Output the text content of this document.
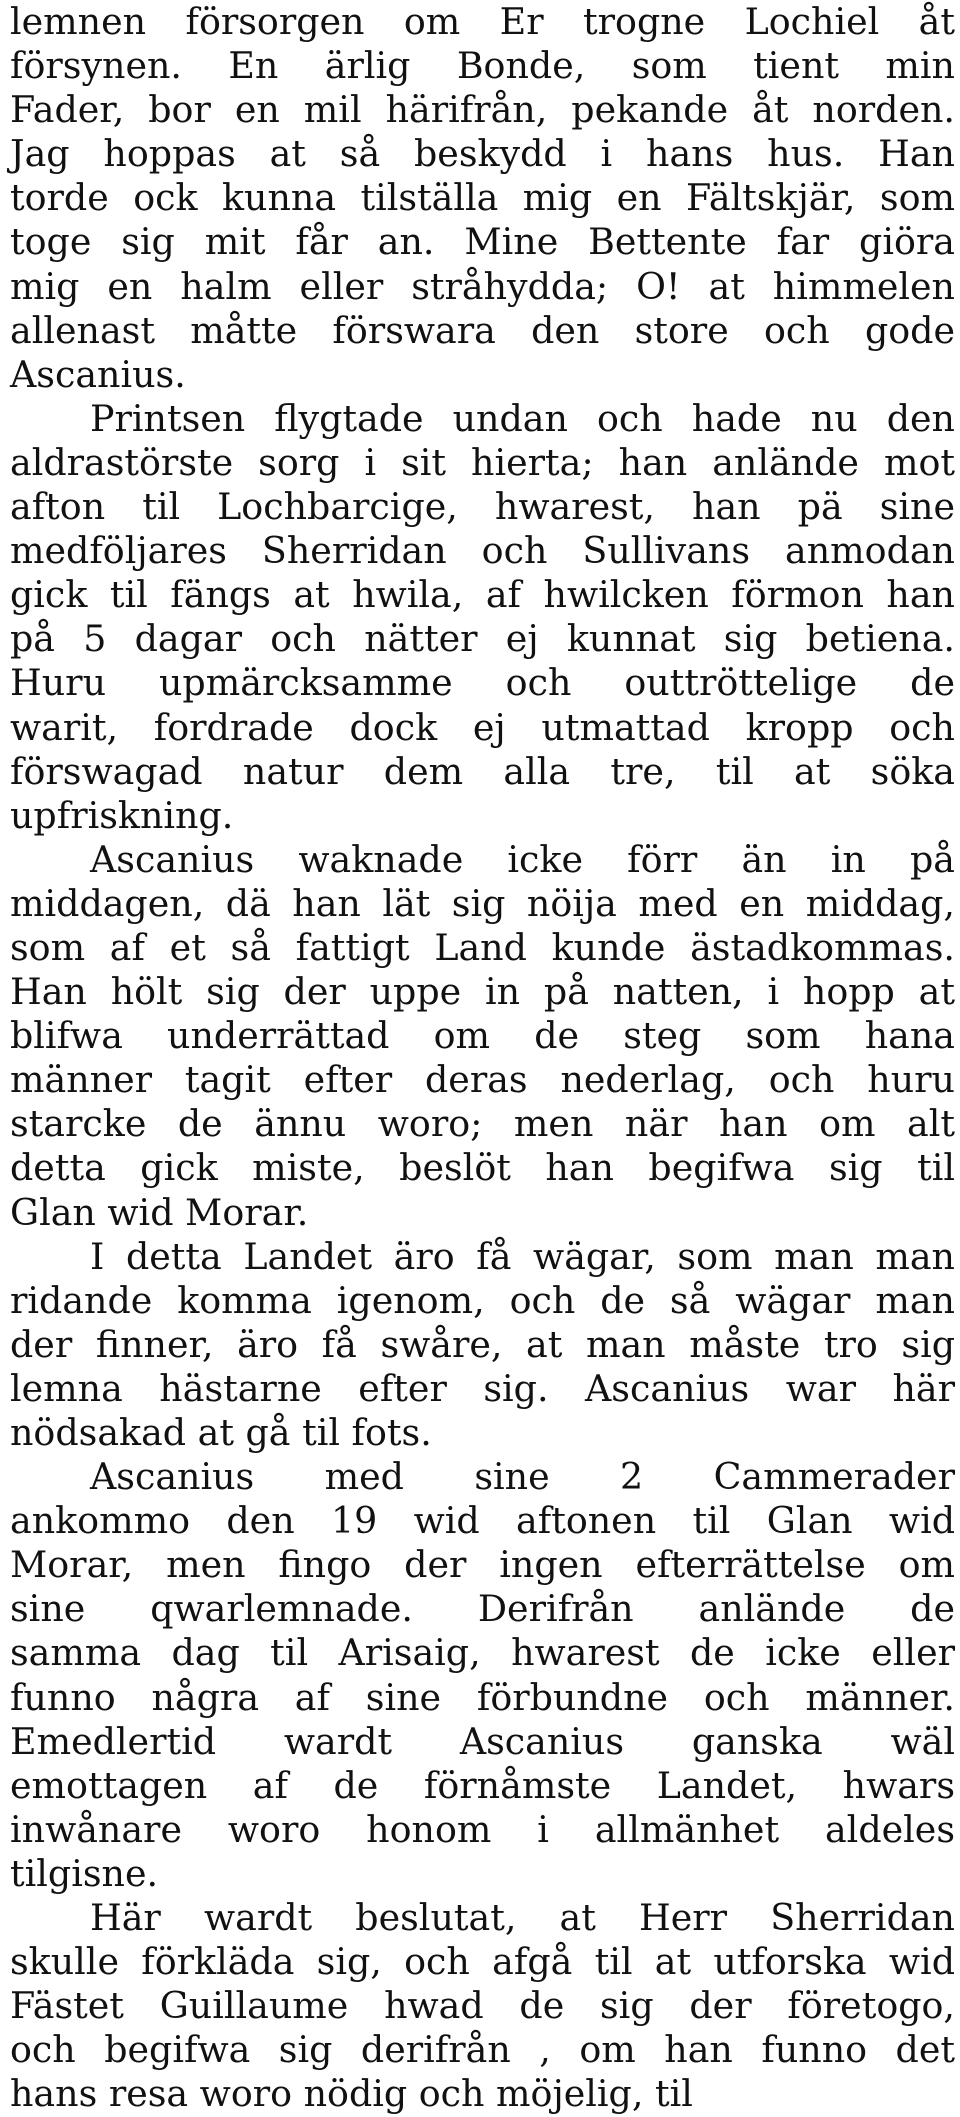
lemnen försorgen om Er trogne Lochiel åt
försynen. En ärlig Bonde, som tient min
Fader, bor en mil härifrån, pekande åt norden.
Jag hoppas at så beskydd i hans hus. Han
torde ock kunna tilställa mig en Fältskjär, som
toge sig mit får an. Mine Bettente far giöra
mig en halm eller stråhydda; O! at himmelen
allenast måtte förswara den store och gode
Ascanius.
Printsen flygtade undan och hade nu den
aldrastörste sorg i sit hierta; han anlände mot
afton til Lochbarcige, hwarest, han pä sine
medföljares Sherridan och Sullivans anmodan
gick til fängs at hwila, af hwilcken förmon han
på 5 dagar och nätter ej kunnat sig betiena.
Huru upmärcksamme och outtröttelige de
warit, fordrade dock ej utmattad kropp och
förswagad natur dem alla tre, til at söka
upfriskning.
Ascanius waknade icke förr än in på
middagen, dä han lät sig nöija med en middag,
som af et så fattigt Land kunde ästadkommas.
Han hölt sig der uppe in på natten, i hopp at
blifwa underrättad om de steg som hana
männer tagit efter deras nederlag, och huru
starcke de ännu woro; men när han om alt
detta gick miste, beslöt han begifwa sig til
Glan wid Morar.
I detta Landet äro få wägar, som man man
ridande komma igenom, och de så wägar man
der finner, äro få swåre, at man måste tro sig
lemna hästarne efter sig. Ascanius war här
nödsakad at gå til fots.
Ascanius med sine 2 Cammerader
ankommo den 19 wid aftonen til Glan wid
Morar, men fingo der ingen efterrättelse om
sine qwarlemnade. Derifrån anlände de
samma dag til Arisaig, hwarest de icke eller
funno några af sine förbundne och männer.
Emedlertid wardt Ascanius ganska wäl
emottagen af de förnåmste Landet, hwars
inwånare woro honom i allmänhet aldeles
tilgisne.
Här wardt beslutat, at Herr Sherridan
skulle förkläda sig, och afgå til at utforska wid
Fästet Guillaume hwad de sig der företogo,
och begifwa sig derifrån , om han funno det
hans resa woro nödig och möjelig, til
